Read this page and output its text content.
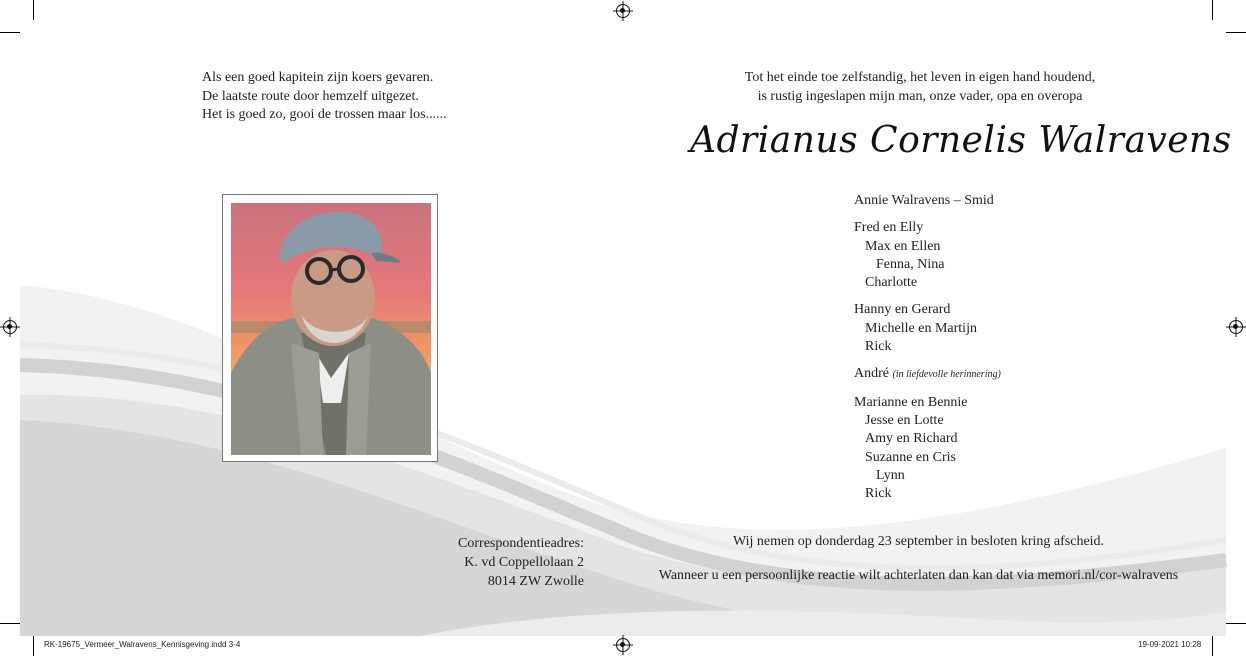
Als een goed kapitein zijn koers gevaren.
De laatste route door hemzelf uitgezet.
Het is goed zo, gooi de trossen maar los......
Tot het einde toe zelfstandig, het leven in eigen hand houdend,
is rustig ingeslapen mijn man, onze vader, opa en overopa
Adrianus Cornelis Walravens
Annie Walravens – Smid
Fred en Elly
Max en Ellen
Fenna, Nina
Charlotte
Hanny en Gerard
Michelle en Martijn
Rick
André (in liefdevolle herinnering)
Marianne en Bennie
Jesse en Lotte
Amy en Richard
Suzanne en Cris
Lynn
Rick
Correspondentieadres:
K. vd Coppellolaan 2
8014 ZW Zwolle
Wij nemen op donderdag 23 september in besloten kring afscheid.
Wanneer u een persoonlijke reactie wilt achterlaten dan kan dat via memori.nl/cor-walravens
RK-19675_Vermeer_Walravens_Kennisgeving.indd 3-4	19-09-2021 10:28
